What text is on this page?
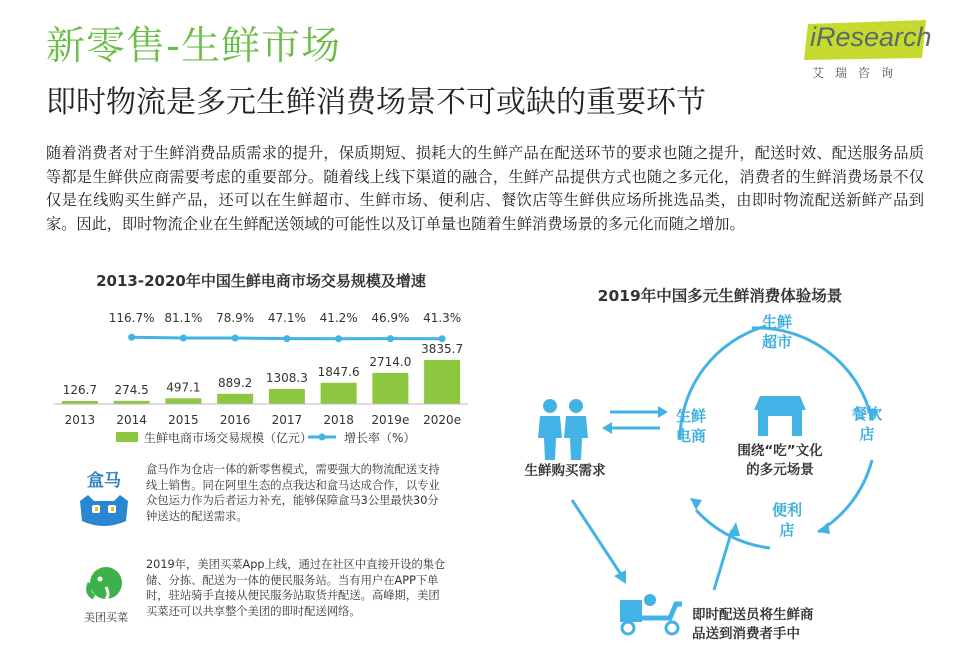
新零售-生鲜市场
即时物流是多元生鲜消费场景不可或缺的重要环节
iResearch
艾瑞咨询
随着消费者对于生鲜消费品质需求的提升，保质期短、损耗大的生鲜产品在配送环节的要求也随之提升，配送时效、配送服务品质等都是生鲜供应商需要考虑的重要部分。随着线上线下渠道的融合，生鲜产品提供方式也随之多元化，消费者的生鲜消费场景不仅仅是在线购买生鲜产品，还可以在生鲜超市、生鲜市场、便利店、餐饮店等生鲜供应场所挑选品类，由即时物流配送新鲜产品到家。因此，即时物流企业在生鲜配送领域的可能性以及订单量也随着生鲜消费场景的多元化而随之增加。
2013-2020年中国生鲜电商市场交易规模及增速
116.7% 81.1% 78.9% 47.1% 41.2% 46.9% 41.3%
126.7
2013
274.5
2014
497.1
2015
889.2
2016
1308.3
2017
1847.6
2018
2714.0
2019e
3835.7
2020e
生鲜电商市场交易规模（亿元）	增长率（%）
盒马
盒马作为仓店一体的新零售模式，需要强大的物流配送支持线上销售。同在阿里生态的点我达和盒马达成合作，以专业众包运力作为后者运力补充，能够保障盒马3公里最快30分钟送达的配送需求。
美团买菜
2019年，美团买菜App上线，通过在社区中直接开设的集仓储、分拣、配送为一体的便民服务站。当有用户在APP下单时，驻站骑手直接从便民服务站取货并配送。高峰期，美团买菜还可以共享整个美团的即时配送网络。
2019年中国多元生鲜消费体验场景
生鲜
超市
餐饮
店
便利
店
生鲜
电商
围绕“吃”文化
的多元场景
生鲜购买需求
即时配送员将生鲜商
品送到消费者手中
